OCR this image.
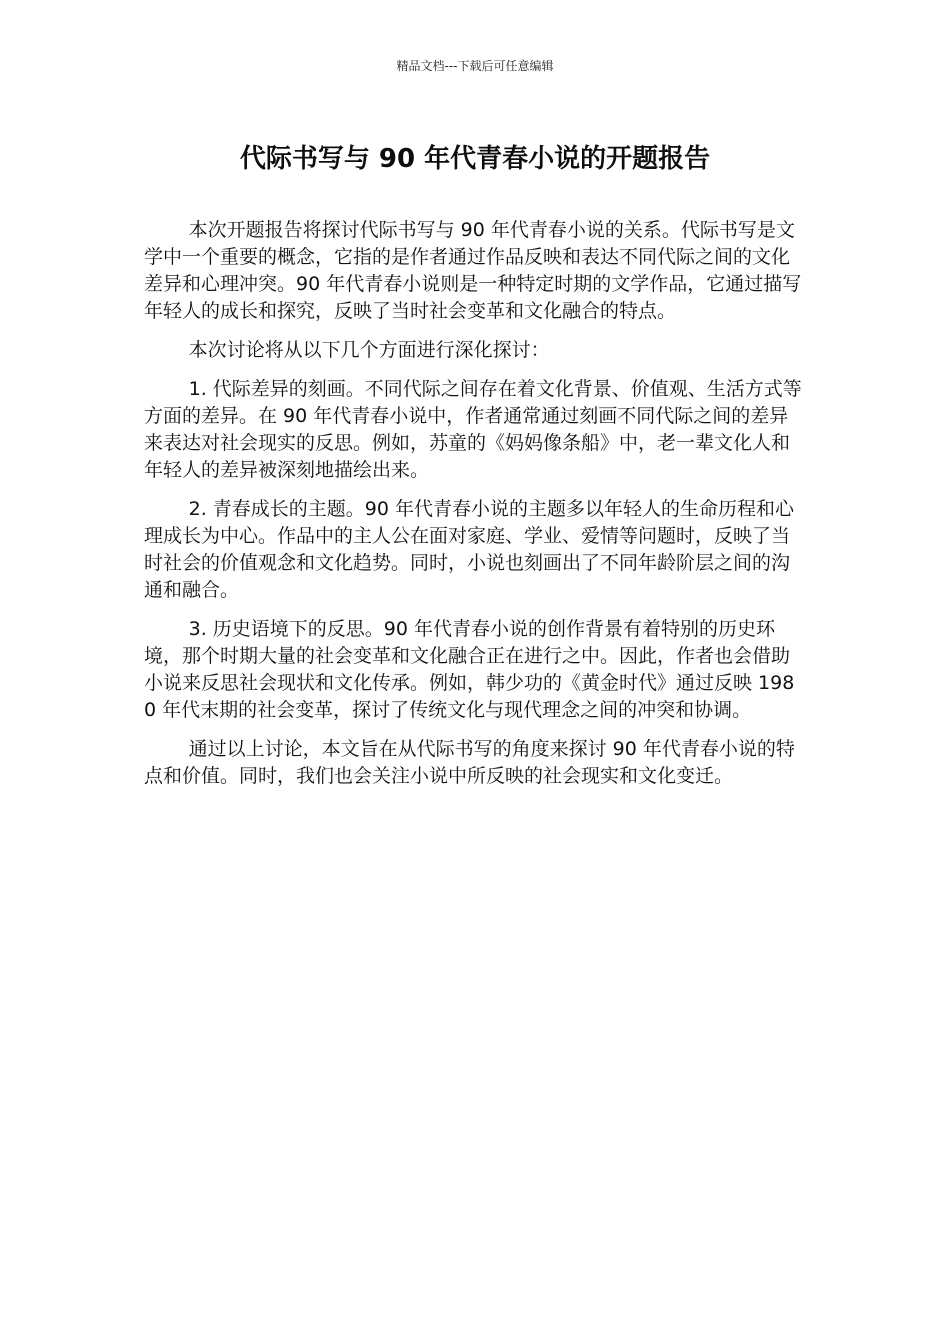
精品文档---下载后可任意编辑
代际书写与 90 年代青春小说的开题报告

本次开题报告将探讨代际书写与 90 年代青春小说的关系。代际书写是文学中一个重要的概念，它指的是作者通过作品反映和表达不同代际之间的文化差异和心理冲突。90 年代青春小说则是一种特定时期的文学作品，它通过描写年轻人的成长和探究，反映了当时社会变革和文化融合的特点。

本次讨论将从以下几个方面进行深化探讨：

1. 代际差异的刻画。不同代际之间存在着文化背景、价值观、生活方式等方面的差异。在 90 年代青春小说中，作者通常通过刻画不同代际之间的差异来表达对社会现实的反思。例如，苏童的《妈妈像条船》中，老一辈文化人和年轻人的差异被深刻地描绘出来。

2. 青春成长的主题。90 年代青春小说的主题多以年轻人的生命历程和心理成长为中心。作品中的主人公在面对家庭、学业、爱情等问题时，反映了当时社会的价值观念和文化趋势。同时，小说也刻画出了不同年龄阶层之间的沟通和融合。

3. 历史语境下的反思。90 年代青春小说的创作背景有着特别的历史环境，那个时期大量的社会变革和文化融合正在进行之中。因此，作者也会借助小说来反思社会现状和文化传承。例如，韩少功的《黄金时代》通过反映 1980 年代末期的社会变革，探讨了传统文化与现代理念之间的冲突和协调。

通过以上讨论，本文旨在从代际书写的角度来探讨 90 年代青春小说的特点和价值。同时，我们也会关注小说中所反映的社会现实和文化变迁。
